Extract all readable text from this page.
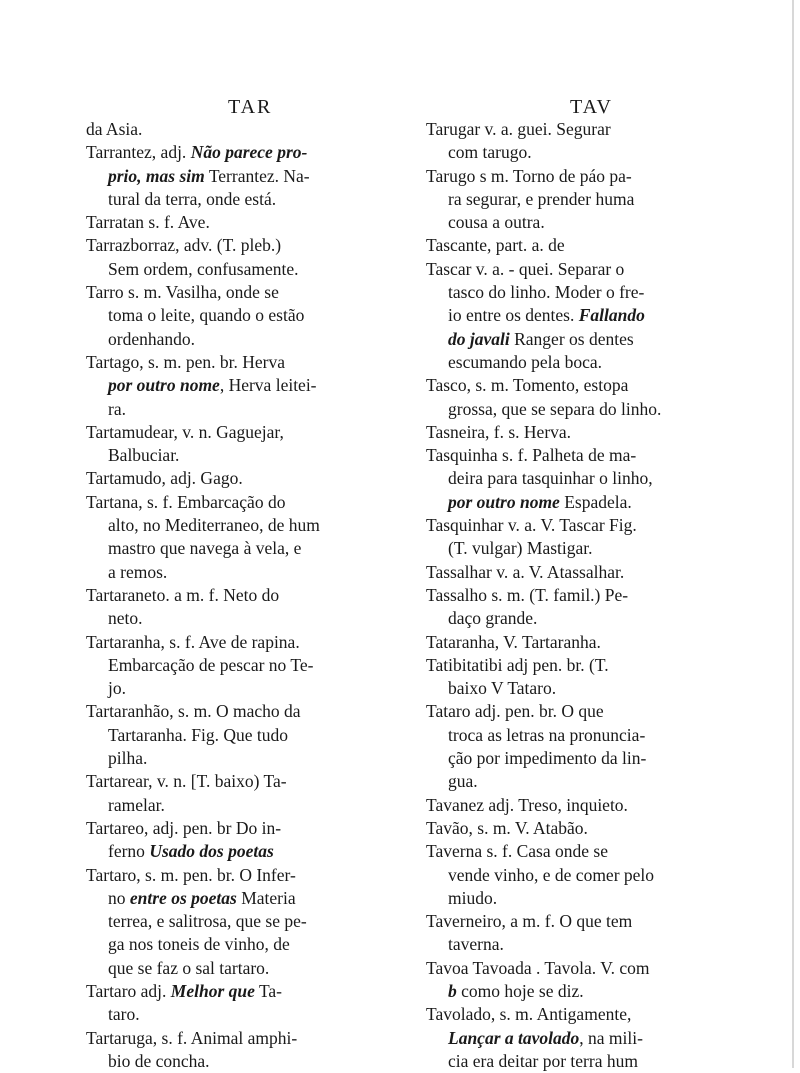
TAR	TAV
da Asia.
Tarrantez, adj. Não parece pro-
prio, mas sim Terrantez. Na-
tural da terra, onde está.
Tarratan s. f. Ave.
Tarrazborraz, adv. (T. pleb.)
Sem ordem, confusamente.
Tarro s. m. Vasilha, onde se
toma o leite, quando o estão
ordenhando.
Tartago, s. m. pen. br. Herva
por outro nome, Herva leitei-
ra.
Tartamudear, v. n. Gaguejar,
Balbuciar.
Tartamudo, adj. Gago.
Tartana, s. f. Embarcação do
alto, no Mediterraneo, de hum
mastro que navega à vela, e
a remos.
Tartaraneto. a m. f. Neto do
neto.
Tartaranha, s. f. Ave de rapina.
Embarcação de pescar no Te-
jo.
Tartaranhão, s. m. O macho da
Tartaranha. Fig. Que tudo
pilha.
Tartarear, v. n. [T. baixo) Ta-
ramelar.
Tartareo, adj. pen. br Do in-
ferno Usado dos poetas
Tartaro, s. m. pen. br. O Infer-
no entre os poetas Materia
terrea, e salitrosa, que se pe-
ga nos toneis de vinho, de
que se faz o sal tartaro.
Tartaro adj. Melhor que Ta-
taro.
Tartaruga, s. f. Animal amphi-
bio de concha.
Tarugar v. a. guei. Segurar
com tarugo.
Tarugo s m. Torno de páo pa-
ra segurar, e prender huma
cousa a outra.
Tascante, part. a. de
Tascar v. a. - quei. Separar o
tasco do linho. Moder o fre-
io entre os dentes. Fallando
do javali Ranger os dentes
escumando pela boca.
Tasco, s. m. Tomento, estopa
grossa, que se separa do linho.
Tasneira, f. s. Herva.
Tasquinha s. f. Palheta de ma-
deira para tasquinhar o linho,
por outro nome Espadela.
Tasquinhar v. a. V. Tascar Fig.
(T. vulgar) Mastigar.
Tassalhar v. a. V. Atassalhar.
Tassalho s. m. (T. famil.) Pe-
daço grande.
Tataranha, V. Tartaranha.
Tatibitatibi adj pen. br. (T.
baixo V Tataro.
Tataro adj. pen. br. O que
troca as letras na pronuncia-
ção por impedimento da lin-
gua.
Tavanez adj. Treso, inquieto.
Tavão, s. m. V. Atabão.
Taverna s. f. Casa onde se
vende vinho, e de comer pelo
miudo.
Taverneiro, a m. f. O que tem
taverna.
Tavoa Tavoada . Tavola. V. com
b como hoje se diz.
Tavolado, s. m. Antigamente,
Lançar a tavolado, na mili-
cia era deitar por terra hum
